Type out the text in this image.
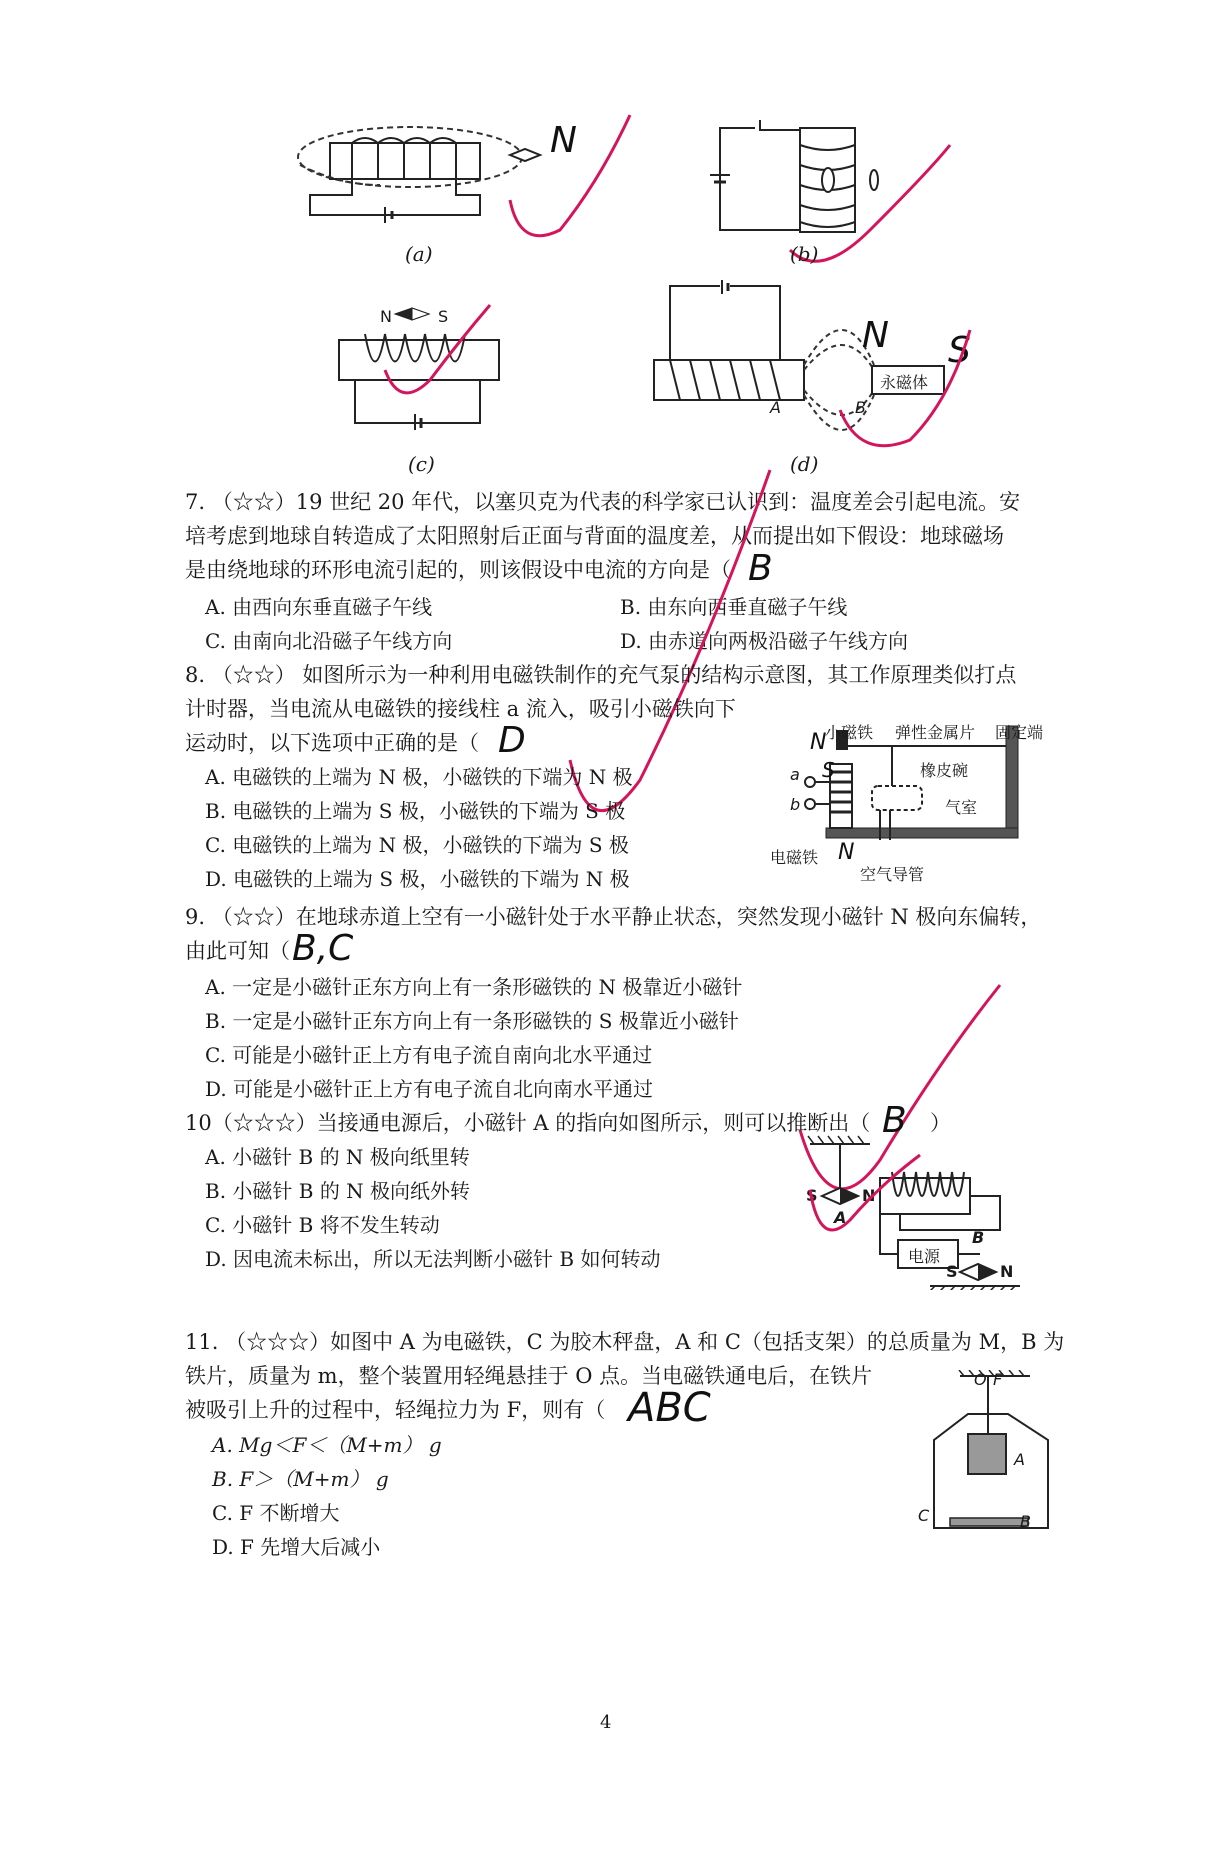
N
(a)	(b)
N	S
(c)
永磁体
A	B
N S
(d)
7. （☆☆）19 世纪 20 年代，以塞贝克为代表的科学家已认识到：温度差会引起电流。安
培考虑到地球自转造成了太阳照射后正面与背面的温度差，从而提出如下假设：地球磁场
是由绕地球的环形电流引起的，则该假设中电流的方向是（ B
A. 由西向东垂直磁子午线	B. 由东向西垂直磁子午线
C. 由南向北沿磁子午线方向	D. 由赤道向两极沿磁子午线方向
8. （☆☆） 如图所示为一种利用电磁铁制作的充气泵的结构示意图，其工作原理类似打点
计时器，当电流从电磁铁的接线柱 a 流入，吸引小磁铁向下
运动时，以下选项中正确的是（ D
A. 电磁铁的上端为 N 极，小磁铁的下端为 N 极
B. 电磁铁的上端为 S 极，小磁铁的下端为 S 极
C. 电磁铁的上端为 N 极，小磁铁的下端为 S 极
D. 电磁铁的上端为 S 极，小磁铁的下端为 N 极
小磁铁 弹性金属片 固定端
橡皮碗
气室
电磁铁
空气导管
a
b
N
S
N
9. （☆☆）在地球赤道上空有一小磁针处于水平静止状态，突然发现小磁针 N 极向东偏转，
由此可知（ B,C
A. 一定是小磁针正东方向上有一条形磁铁的 N 极靠近小磁针
B. 一定是小磁针正东方向上有一条形磁铁的 S 极靠近小磁针
C. 可能是小磁针正上方有电子流自南向北水平通过
D. 可能是小磁针正上方有电子流自北向南水平通过
10（☆☆☆）当接通电源后，小磁针 A 的指向如图所示，则可以推断出（ B ）
A. 小磁针 B 的 N 极向纸里转
B. 小磁针 B 的 N 极向纸外转
C. 小磁针 B 将不发生转动
D. 因电流未标出，所以无法判断小磁针 B 如何转动
S	N
A
B
电源
S	N
11. （☆☆☆）如图中 A 为电磁铁，C 为胶木秤盘，A 和 C（包括支架）的总质量为 M，B 为
铁片，质量为 m，整个装置用轻绳悬挂于 O 点。当电磁铁通电后，在铁片
被吸引上升的过程中，轻绳拉力为 F，则有（ ABC
A. Mg＜F＜（M+m） g
B. F＞（M+m） g
C. F 不断增大
D. F 先增大后减小
O F
A
B
C
4
